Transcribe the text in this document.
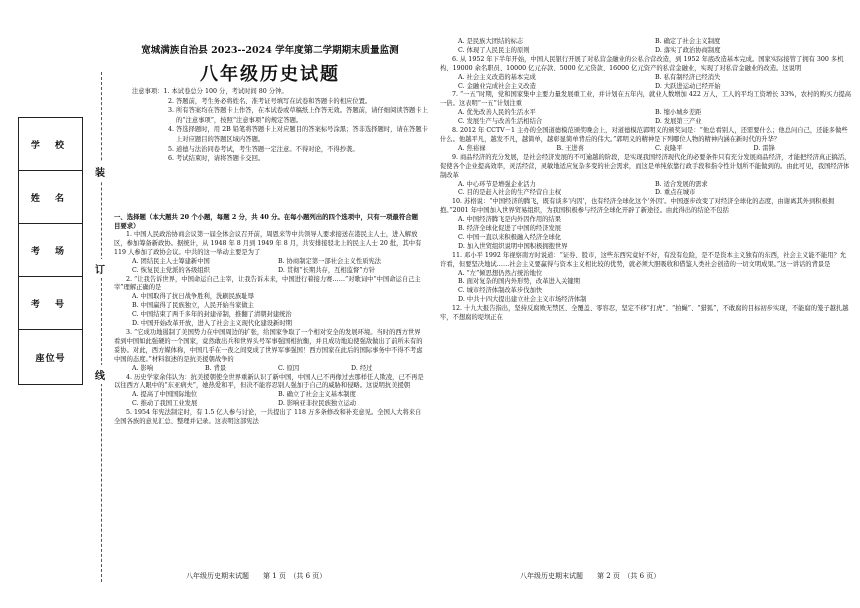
学 校
姓 名
考 场
考 号
座位号
装
订
线
宽城满族自治县 2023--2024 学年度第二学期期末质量监测
八年级历史试题
注意事项：1. 本试卷总分 100 分，考试时间 80 分钟。
2. 答题前，考生务必将姓名、准考证号填写在试卷和答题卡的相应位置。
3. 所有答案均在答题卡上作答，在本试卷或草稿纸上作答无效。答题前，请仔细阅读答题卡上的“注意事项”，按照“注意事项”的规定答题。
4. 答选择题时，用 2B 铅笔将答题卡上对应题目的答案标号涂黑；答非选择题时，请在答题卡上对应题目的答题区域内答题。
5. 道德与法治同卷考试，考生答题一定注意。不得对论，不得抄袭。
6. 考试结束时，请将答题卡交回。
一、选择题（本大题共 20 个小题，每题 2 分，共 40 分。在每小题列出的四个选项中，只有一项最符合题目要求）
1. 中国人民政治协商会议第一届全体会议召开前，周恩来等中共领导人要求接送在港民主人士，进入解放区，参加筹备新政协。据统计，从 1948 年 8 月到 1949 年 8 月，共安排接驳北上的民主人士 20 批，其中有 119 人参加了政协会议。中共的这一举动主要是为了
A. 团结民主人士筹建新中国	B. 协商制定第一部社会主义性质宪法
C. 恢复民主党派的各级组织	D. 贯彻“长期共存，互相监督”方针
2. “让我告诉世界，中国命运自己主宰，让我告诉未来，中国进行着接力赛……”对歌词中“中国命运自己主宰”理解正确的是
A. 中国取得了抗日战争胜利，洗刷民族耻辱
B. 中国赢得了民族独立，人民开始当家做主
C. 中国结束了两千多年的封建帝制，推翻了清朝封建统治
D. 中国开始改革开放，进入了社会主义现代化建设新时期
3. “它成功地遏制了美国势力在中国周边的扩张，给国家争取了一个相对安全的发展环境。当时的西方世界看到中国如此强硬的一个国家，竟然敢出兵和世界头号军事强国相抗衡，并且成功地迫使强敌做出了前所未有的妥协。对此，西方媒体称，中国几乎在一夜之间变成了世界军事强国！西方国家在此后的国际事务中不得不考虑中国的态度。”材料叙述的是抗美援朝战争的
A. 影响	B. 背景	C. 原因	D. 经过
4. 历史学家余伟认为：抗美援朝使全世界重新认识了新中国，中国人已不再像过去那样任人欺凌，已不再是以往西方人眼中的“东亚病夫”，她热爱和平，但决不能容忍别人强加于自己的威胁和侵略。这说明抗美援朝
A. 提高了中国国际地位	B. 确立了社会主义基本制度
C. 推动了我国工业发展	D. 影响亚非拉民族独立运动
5. 1954 年宪法制定时，有 1.5 亿人参与讨论，一共提出了 118 万多条修改和补充意见。全国人大将来自全国各族的意见汇总、整理并记录。这表明这部宪法
八年级历史期末试题　　第 1 页　（共 6 页）
A. 是民族大团结的标志	B. 确定了社会主义制度
C. 体现了人民民主的原则	D. 落实了政治协商制度
6. 从 1952 年下半年开始，中国人民银行开展了对私营金融业的公私合营改造，到 1952 年底改造基本完成。国家实际接管了拥有 300 多机构、19000 余名职员、10000 亿元存款、5000 亿元贷款、16000 亿元资产的私营金融业，实现了对私营金融业的改造。这说明
A. 社会主义改造的基本完成	B. 私有制经济已经消失
C. 金融业完成社会主义改造	D. 大跃进运动已经开始
7. “一五”时期，党和国家集中主要力量发展重工业，并计划在五年内，就业人数增加 422 万人，工人的平均工资增长 33%，农村的购买力提高一倍。这表明“一五”计划注重
A. 优先改善人民的生活水平	B. 缩小城乡差距
C. 发展生产与改善生活相结合	D. 发展第三产业
8. 2012 年 CCTV－1 主办的全国道德模范颁奖晚会上，对道德模范郭明义的颁奖词是：“他总看别人，还需要什么；他总问自己，还能多做些什么。他越平凡，越发不凡，越简单，越彰显简单背后的伟大。”郭明义的精神是下列哪位人物的精神内涵在新时代的升华？
A. 焦裕禄	B. 王进喜	C. 袁隆平	D. 雷锋
9. 商品经济的充分发展，是社会经济发展的不可逾越的阶段，是实现我国经济现代化的必要条件只有充分发展商品经济，才能把经济真正搞活，促使各个企业提高效率，灵活经营，灵敏地适应复杂多变的社会需求，而这是单纯依靠行政手段和指令性计划所不能做到的。由此可见，我国经济体制改革
A. 中心环节是增强企业活力	B. 适合发展的需求
C. 目的是赶入社会的生产经营自主权	D. 重点在城市
10. 苏格说：“中国经济的腾飞，既有谈多‘内因’，也有经济全球化这个‘外因’。中国逐步改变了对经济全球化的态度，由谢离其外到积极拥抱。”2001 年中国加入世界贸易组织，为我国积极参与经济全球化开辟了新途径。由此得出的结论不包括
A. 中国经济腾飞是内外因作用的结果
B. 经济全球化促进了中国的经济发展
C. 中国一直以来积极融入经济全球化
D. 加入世贸组织说明中国积极拥抱世界
11. 邓小平 1992 年视察南方时说道：“证券、股市，这些东西究竟好不好，有没有危险，是不是资本主义独有的东西，社会主义能不能用？允许看，但要坚决地试……社会主义要赢得与资本主义相比较的优势，就必须大胆吸收和借鉴人类社会创造的一切文明成果。”这一讲话的背景是
A. “左”倾思想仍然占统治地位
B. 面对复杂的国内外形势，改革进入关键期
C. 城市经济体制改革步伐加快
D. 中共十四大提出建立社会主义市场经济体制
12. 十九大报告指出，坚持反腐败无禁区、全覆盖、零容忍，坚定不移“打虎”、“拍蝇”、“猎狐”，不敢腐的目标初步实现，不能腐的笼子越扎越牢，不想腐的堤坝正在
八年级历史期末试题　　第 2 页　（共 6 页）
